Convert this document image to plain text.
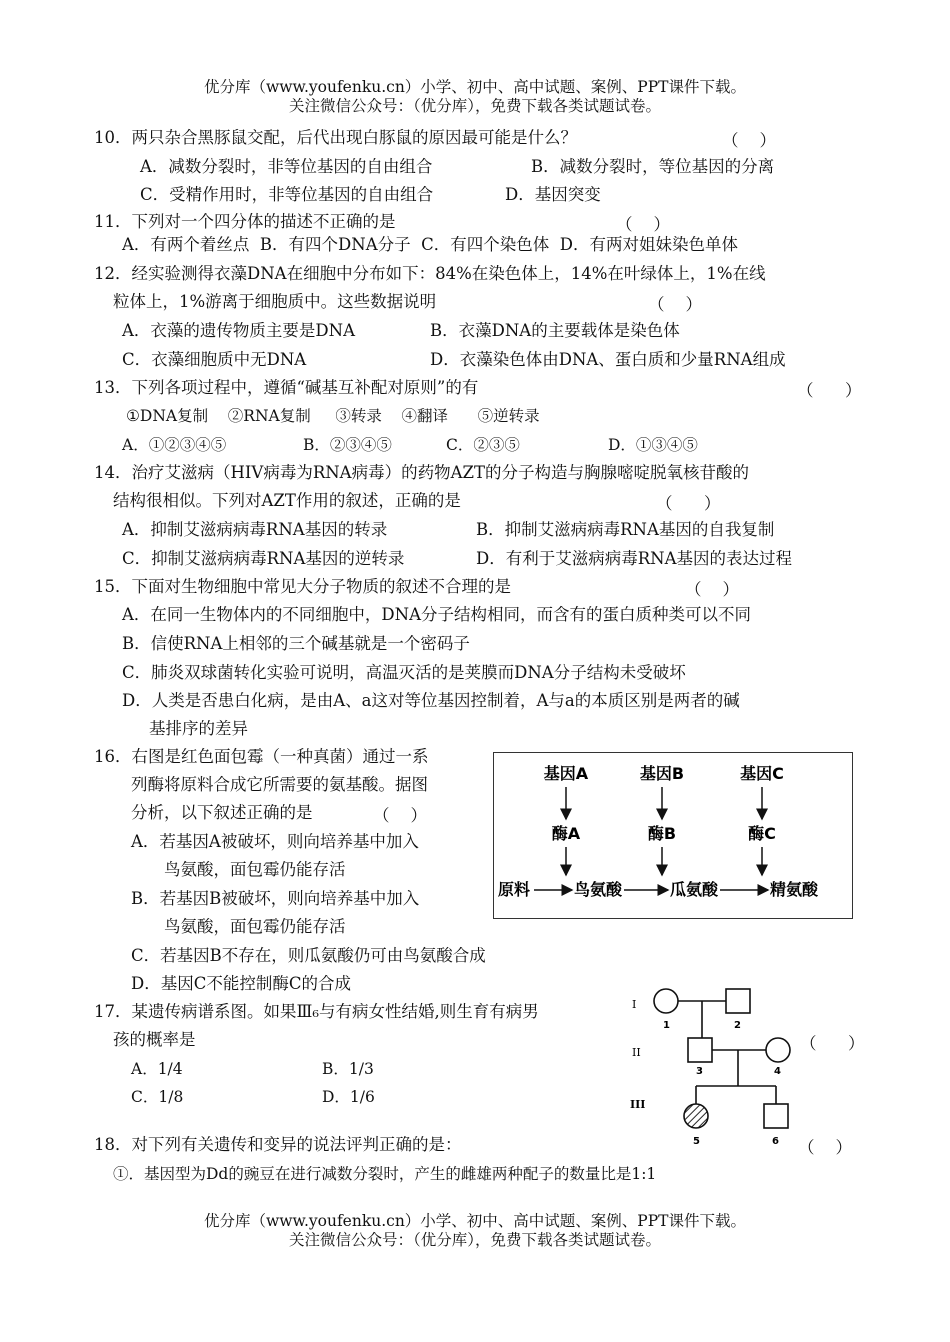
优分库（www.youfenku.cn）小学、初中、高中试题、案例、PPT课件下载。
关注微信公众号：（优分库），免费下载各类试题试卷。
10．两只杂合黑豚鼠交配，后代出现白豚鼠的原因最可能是什么？	（    ）
A．减数分裂时，非等位基因的自由组合	B．减数分裂时，等位基因的分离
C．受精作用时，非等位基因的自由组合	D．基因突变
11．下列对一个四分体的描述不正确的是	（    ）
A．有两个着丝点  B．有四个DNA分子  C．有四个染色体  D．有两对姐妹染色单体
12．经实验测得衣藻DNA在细胞中分布如下：84%在染色体上，14%在叶绿体上，1%在线
粒体上，1%游离于细胞质中。这些数据说明	（    ）
A．衣藻的遗传物质主要是DNA	B．衣藻DNA的主要载体是染色体
C．衣藻细胞质中无DNA	D．衣藻染色体由DNA、蛋白质和少量RNA组成
13．下列各项过程中，遵循“碱基互补配对原则”的有	（      ）
①DNA复制    ②RNA复制     ③转录    ④翻译      ⑤逆转录
A．①②③④⑤	B．②③④⑤	C．②③⑤	D．①③④⑤
14．治疗艾滋病（HIV病毒为RNA病毒）的药物AZT的分子构造与胸腺嘧啶脱氧核苷酸的
结构很相似。下列对AZT作用的叙述，正确的是	（      ）
A．抑制艾滋病病毒RNA基因的转录	B．抑制艾滋病病毒RNA基因的自我复制
C．抑制艾滋病病毒RNA基因的逆转录	D．有利于艾滋病病毒RNA基因的表达过程
15．下面对生物细胞中常见大分子物质的叙述不合理的是	（    ）
A．在同一生物体内的不同细胞中，DNA分子结构相同，而含有的蛋白质种类可以不同
B．信使RNA上相邻的三个碱基就是一个密码子
C．肺炎双球菌转化实验可说明，高温灭活的是荚膜而DNA分子结构未受破坏
D．人类是否患白化病，是由A、a这对等位基因控制着，A与a的本质区别是两者的碱
基排序的差异
16．右图是红色面包霉（一种真菌）通过一系
列酶将原料合成它所需要的氨基酸。据图
分析，以下叙述正确的是	（    ）
A．若基因A被破坏，则向培养基中加入
鸟氨酸，面包霉仍能存活
B．若基因B被破坏，则向培养基中加入
鸟氨酸，面包霉仍能存活
C．若基因B不存在，则瓜氨酸仍可由鸟氨酸合成
D．基因C不能控制酶C的合成
基因A	基因B	基因C
酶A	酶B	酶C
原料	鸟氨酸	瓜氨酸	精氨酸
17．某遗传病谱系图。如果Ⅲ₆与有病女性结婚,则生育有病男
孩的概率是	（      ）
A．1/4	B．1/3
C．1/8	D．1/6
I
II
III
1	2
3	4
5	6
18．对下列有关遗传和变异的说法评判正确的是：	（    ）
①．基因型为Dd的豌豆在进行减数分裂时，产生的雌雄两种配子的数量比是1:1
优分库（www.youfenku.cn）小学、初中、高中试题、案例、PPT课件下载。
关注微信公众号：（优分库），免费下载各类试题试卷。
